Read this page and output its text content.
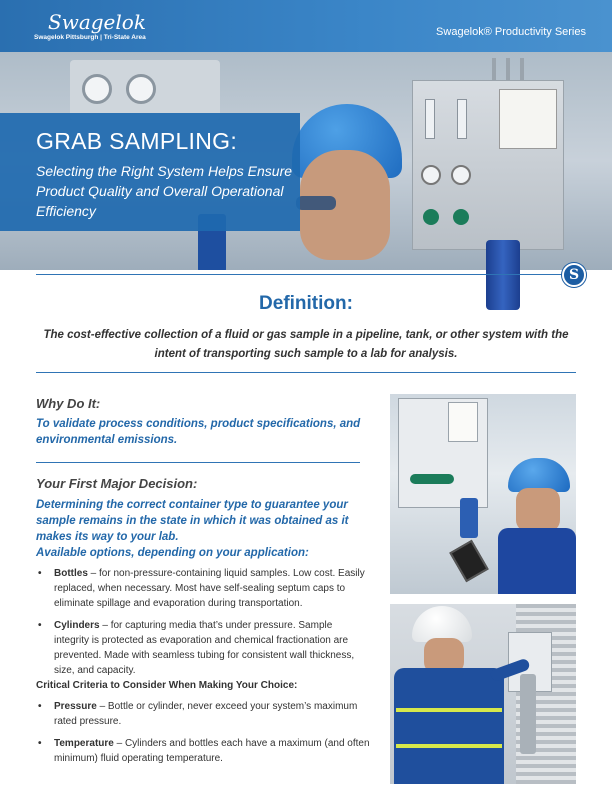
Swagelok
Swagelok Pittsburgh | Tri-State Area	Swagelok® Productivity Series
GRAB SAMPLING:
Selecting the Right System Helps Ensure Product Quality and Overall Operational Efficiency
S
Definition:
The cost-effective collection of a fluid or gas sample in a pipeline, tank, or other system with the intent of transporting such sample to a lab for analysis.
Why Do It:
To validate process conditions, product specifications, and environmental emissions.
Your First Major Decision:
Determining the correct container type to guarantee your sample remains in the state in which it was obtained as it makes its way to your lab.
Available options, depending on your application:
• Bottles – for non-pressure-containing liquid samples. Low cost. Easily replaced, when necessary. Most have self-sealing septum caps to eliminate spillage and evaporation during transportation.
• Cylinders – for capturing media that’s under pressure. Sample integrity is protected as evaporation and chemical fractionation are prevented. Made with seamless tubing for consistent wall thickness, size, and capacity.
Critical Criteria to Consider When Making Your Choice:
• Pressure – Bottle or cylinder, never exceed your system’s maximum rated pressure.
• Temperature – Cylinders and bottles each have a maximum (and often minimum) fluid operating temperature.
